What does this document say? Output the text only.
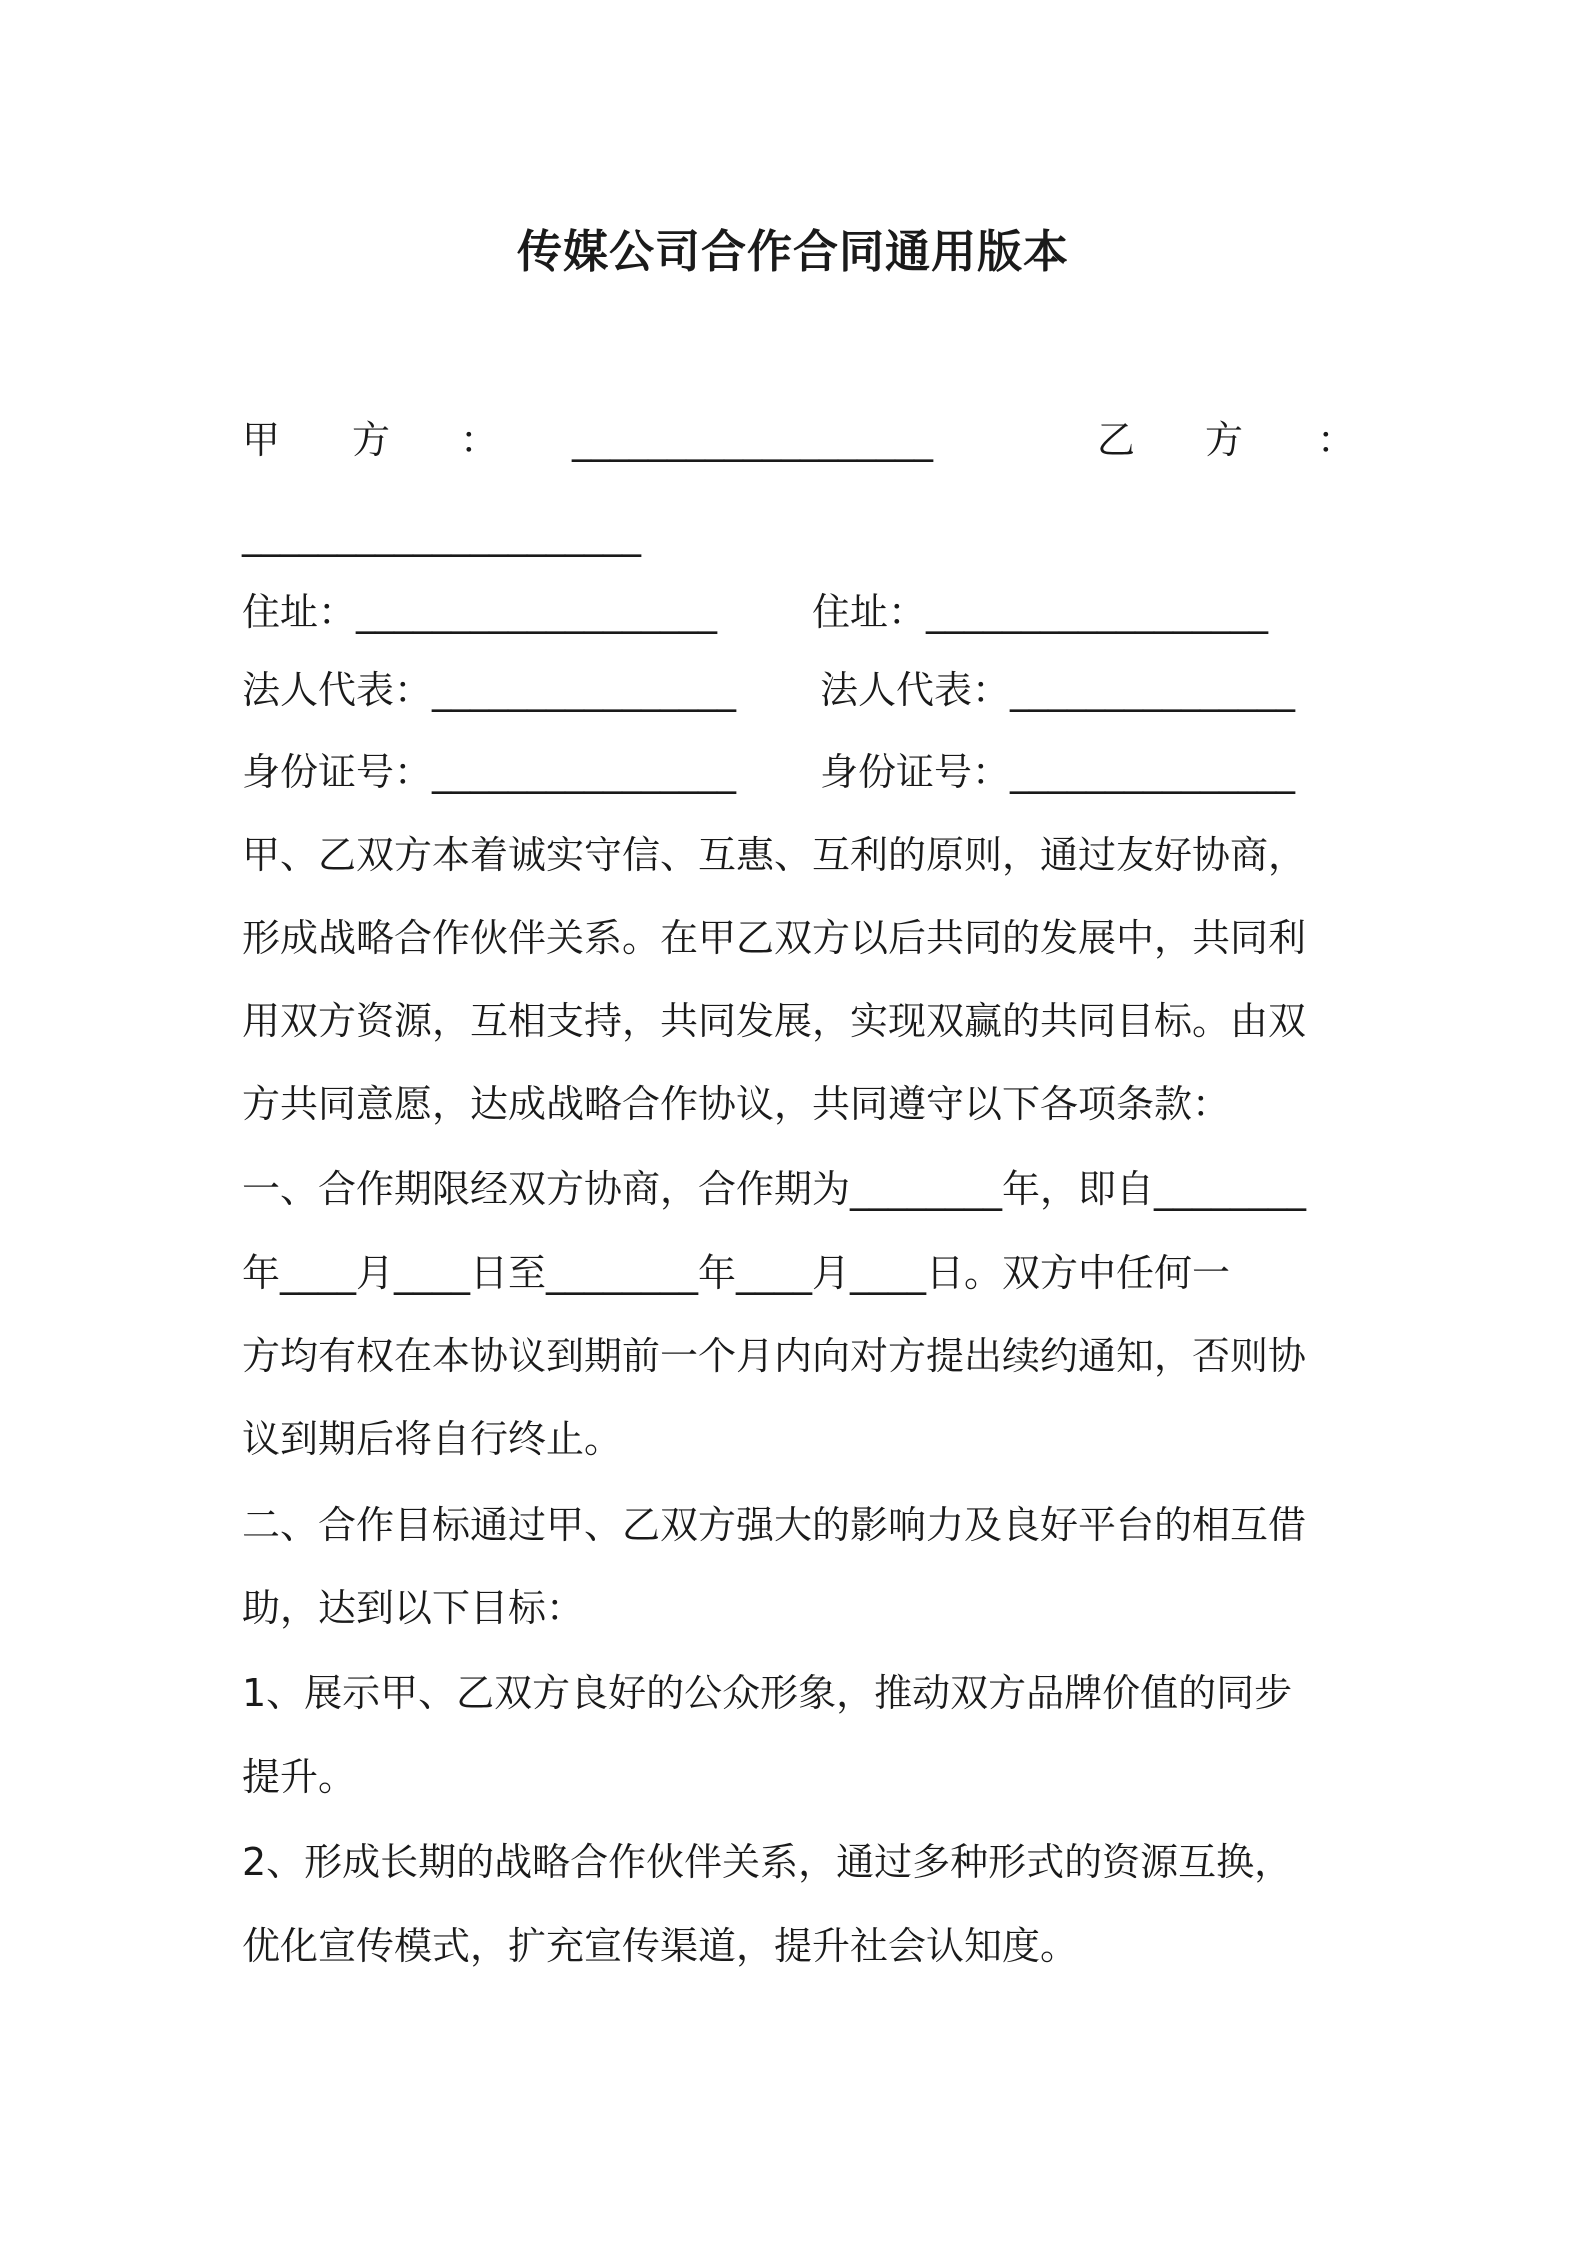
传媒公司合作合同通用版本
甲 方 ： ___________________	乙 方 ：
_____________________
住址：___________________ 住址：__________________
法人代表：________________ 法人代表：_______________
身份证号：________________ 身份证号：_______________
甲、乙双方本着诚实守信、互惠、互利的原则，通过友好协商，
形成战略合作伙伴关系。在甲乙双方以后共同的发展中，共同利
用双方资源，互相支持，共同发展，实现双赢的共同目标。由双
方共同意愿，达成战略合作协议，共同遵守以下各项条款：
一、合作期限经双方协商，合作期为________年，即自________
年____月____日至________年____月____日。双方中任何一
方均有权在本协议到期前一个月内向对方提出续约通知，否则协
议到期后将自行终止。
二、合作目标通过甲、乙双方强大的影响力及良好平台的相互借
助，达到以下目标：
1、展示甲、乙双方良好的公众形象，推动双方品牌价值的同步
提升。
2、形成长期的战略合作伙伴关系，通过多种形式的资源互换，
优化宣传模式，扩充宣传渠道，提升社会认知度。
